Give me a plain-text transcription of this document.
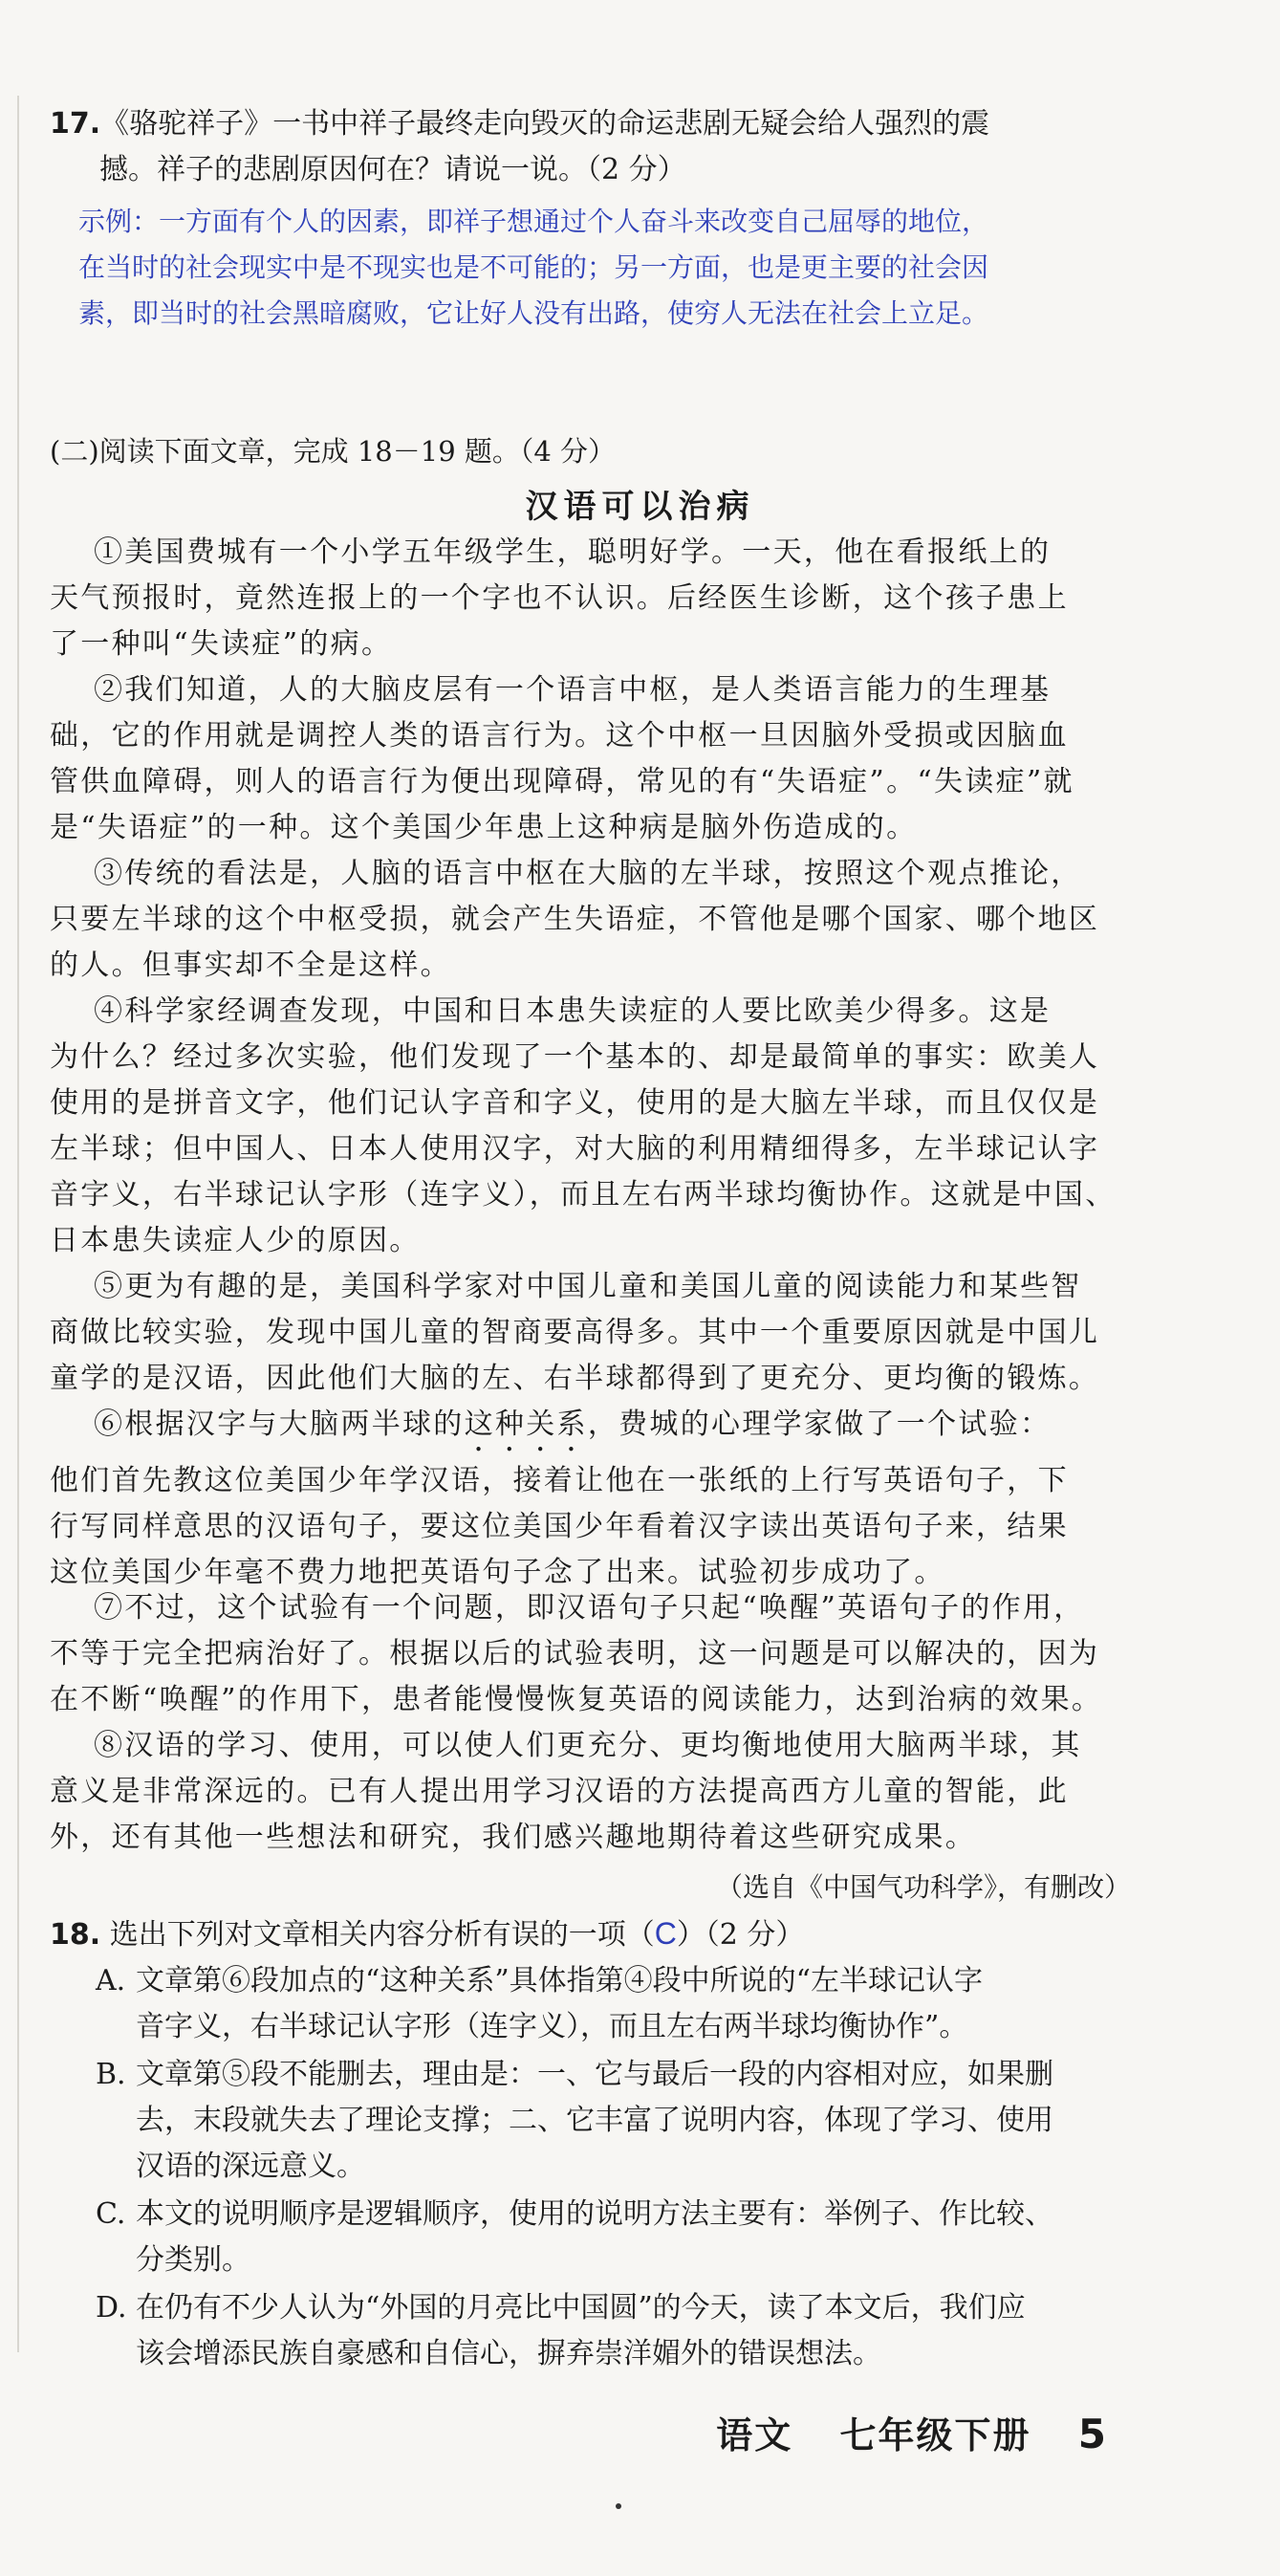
17.《骆驼祥子》一书中祥子最终走向毁灭的命运悲剧无疑会给人强烈的震
撼。祥子的悲剧原因何在？请说一说。（2 分）
示例：一方面有个人的因素，即祥子想通过个人奋斗来改变自己屈辱的地位，
在当时的社会现实中是不现实也是不可能的；另一方面，也是更主要的社会因
素，即当时的社会黑暗腐败，它让好人没有出路，使穷人无法在社会上立足。
(二)阅读下面文章，完成 18－19 题。（4 分）
汉语可以治病
①美国费城有一个小学五年级学生，聪明好学。一天，他在看报纸上的
天气预报时，竟然连报上的一个字也不认识。后经医生诊断，这个孩子患上
了一种叫“失读症”的病。
②我们知道，人的大脑皮层有一个语言中枢，是人类语言能力的生理基
础，它的作用就是调控人类的语言行为。这个中枢一旦因脑外受损或因脑血
管供血障碍，则人的语言行为便出现障碍，常见的有“失语症”。“失读症”就
是“失语症”的一种。这个美国少年患上这种病是脑外伤造成的。
③传统的看法是，人脑的语言中枢在大脑的左半球，按照这个观点推论，
只要左半球的这个中枢受损，就会产生失语症，不管他是哪个国家、哪个地区
的人。但事实却不全是这样。
④科学家经调查发现，中国和日本患失读症的人要比欧美少得多。这是
为什么？经过多次实验，他们发现了一个基本的、却是最简单的事实：欧美人
使用的是拼音文字，他们记认字音和字义，使用的是大脑左半球，而且仅仅是
左半球；但中国人、日本人使用汉字，对大脑的利用精细得多，左半球记认字
音字义，右半球记认字形（连字义），而且左右两半球均衡协作。这就是中国、
日本患失读症人少的原因。
⑤更为有趣的是，美国科学家对中国儿童和美国儿童的阅读能力和某些智
商做比较实验，发现中国儿童的智商要高得多。其中一个重要原因就是中国儿
童学的是汉语，因此他们大脑的左、右半球都得到了更充分、更均衡的锻炼。
⑥根据汉字与大脑两半球的这种关系，费城的心理学家做了一个试验：
他们首先教这位美国少年学汉语，接着让他在一张纸的上行写英语句子，下
行写同样意思的汉语句子，要这位美国少年看着汉字读出英语句子来，结果
这位美国少年毫不费力地把英语句子念了出来。试验初步成功了。
⑦不过，这个试验有一个问题，即汉语句子只起“唤醒”英语句子的作用，
不等于完全把病治好了。根据以后的试验表明，这一问题是可以解决的，因为
在不断“唤醒”的作用下，患者能慢慢恢复英语的阅读能力，达到治病的效果。
⑧汉语的学习、使用，可以使人们更充分、更均衡地使用大脑两半球，其
意义是非常深远的。已有人提出用学习汉语的方法提高西方儿童的智能，此
外，还有其他一些想法和研究，我们感兴趣地期待着这些研究成果。
（选自《中国气功科学》，有删改）
18. 选出下列对文章相关内容分析有误的一项（C）（2 分）
A. 文章第⑥段加点的“这种关系”具体指第④段中所说的“左半球记认字
音字义，右半球记认字形（连字义），而且左右两半球均衡协作”。
B. 文章第⑤段不能删去，理由是：一、它与最后一段的内容相对应，如果删
去，末段就失去了理论支撑；二、它丰富了说明内容，体现了学习、使用
汉语的深远意义。
C. 本文的说明顺序是逻辑顺序，使用的说明方法主要有：举例子、作比较、
分类别。
D. 在仍有不少人认为“外国的月亮比中国圆”的今天，读了本文后，我们应
该会增添民族自豪感和自信心，摒弃崇洋媚外的错误想法。
语文 七年级下册 5
